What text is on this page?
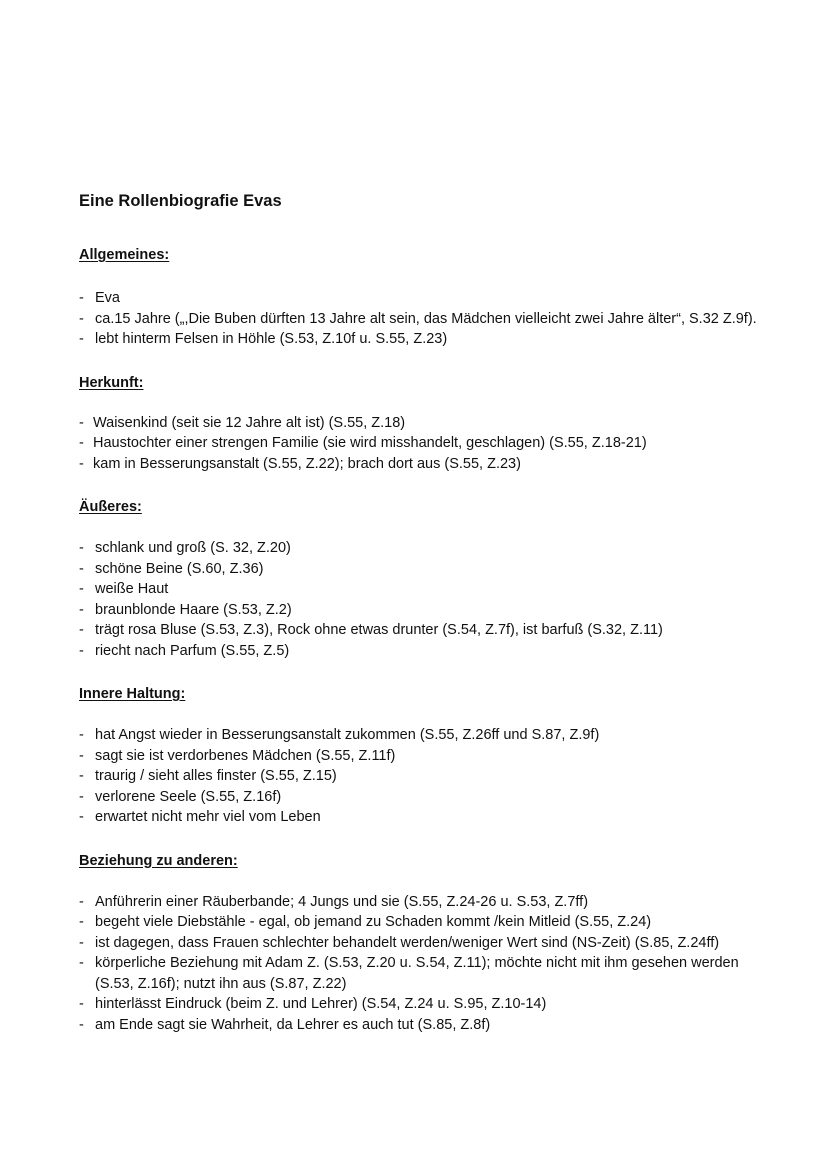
Eine Rollenbiografie Evas
Allgemeines:
- Eva
- ca.15 Jahre („,Die Buben dürften 13 Jahre alt sein, das Mädchen vielleicht zwei Jahre älter“, S.32 Z.9f).
- lebt hinterm Felsen in Höhle (S.53, Z.10f u. S.55, Z.23)
Herkunft:
- Waisenkind (seit sie 12 Jahre alt ist) (S.55, Z.18)
- Haustochter einer strengen Familie (sie wird misshandelt, geschlagen) (S.55, Z.18-21)
- kam in Besserungsanstalt (S.55, Z.22); brach dort aus (S.55, Z.23)
Äußeres:
- schlank und groß (S. 32, Z.20)
- schöne Beine (S.60, Z.36)
- weiße Haut
- braunblonde Haare (S.53, Z.2)
- trägt rosa Bluse (S.53, Z.3), Rock ohne etwas drunter (S.54, Z.7f), ist barfuß (S.32, Z.11)
- riecht nach Parfum (S.55, Z.5)
Innere Haltung:
- hat Angst wieder in Besserungsanstalt zukommen (S.55, Z.26ff und S.87, Z.9f)
- sagt sie ist verdorbenes Mädchen (S.55, Z.11f)
- traurig / sieht alles finster (S.55, Z.15)
- verlorene Seele (S.55, Z.16f)
- erwartet nicht mehr viel vom Leben
Beziehung zu anderen:
- Anführerin einer Räuberbande; 4 Jungs und sie (S.55, Z.24-26 u. S.53, Z.7ff)
- begeht viele Diebstähle - egal, ob jemand zu Schaden kommt /kein Mitleid (S.55, Z.24)
- ist dagegen, dass Frauen schlechter behandelt werden/weniger Wert sind (NS-Zeit) (S.85, Z.24ff)
- körperliche Beziehung mit Adam Z. (S.53, Z.20 u. S.54, Z.11); möchte nicht mit ihm gesehen werden (S.53, Z.16f); nutzt ihn aus (S.87, Z.22)
- hinterlässt Eindruck (beim Z. und Lehrer) (S.54, Z.24 u. S.95, Z.10-14)
- am Ende sagt sie Wahrheit, da Lehrer es auch tut (S.85, Z.8f)
